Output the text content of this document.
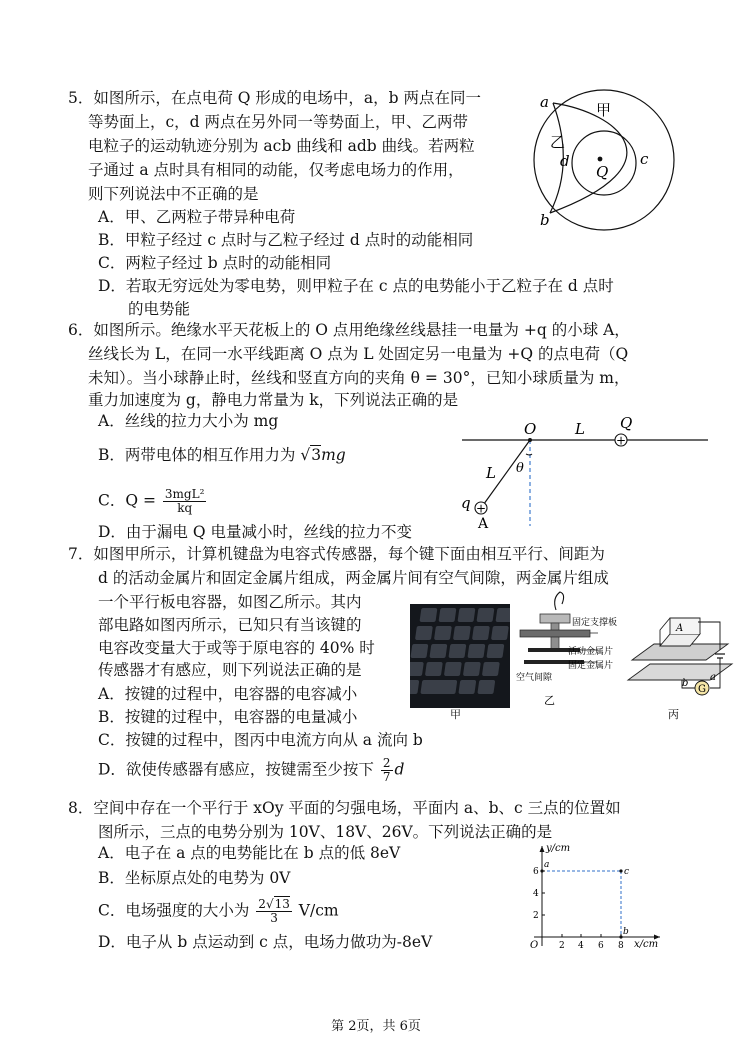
5．如图所示，在点电荷 Q 形成的电场中，a，b 两点在同一
等势面上，c，d 两点在另外同一等势面上，甲、乙两带
电粒子的运动轨迹分别为 acb 曲线和 adb 曲线。若两粒
子通过 a 点时具有相同的动能，仅考虑电场力的作用，
则下列说法中不正确的是
A．甲、乙两粒子带异种电荷
B．甲粒子经过 c 点时与乙粒子经过 d 点时的动能相同
C．两粒子经过 b 点时的动能相同
D．若取无穷远处为零电势，则甲粒子在 c 点的电势能小于乙粒子在 d 点时
的电势能
a	甲
乙
d
Q
c
b
6．如图所示。绝缘水平天花板上的 O 点用绝缘丝线悬挂一电量为 +q 的小球 A，
丝线长为 L，在同一水平线距离 O 点为 L 处固定另一电量为 +Q 的点电荷（Q
未知）。当小球静止时，丝线和竖直方向的夹角 θ = 30°，已知小球质量为 m，
重力加速度为 g，静电力常量为 k，下列说法正确的是
A．丝线的拉力大小为 mg
B．两带电体的相互作用力为 √3mg
C．$Q = \frac{\text{3mgL²}}{kq}$
D．由于漏电 Q 电量减小时，丝线的拉力不变
+
+
O	L Q
L θ
q
A
7．如图甲所示，计算机键盘为电容式传感器，每个键下面由相互平行、间距为
d 的活动金属片和固定金属片组成，两金属片间有空气间隙，两金属片组成
一个平行板电容器，如图乙所示。其内
部电路如图丙所示，已知只有当该键的
电容改变量大于或等于原电容的 40% 时
传感器才有感应，则下列说法正确的是
A．按键的过程中，电容器的电容减小
B．按键的过程中，电容器的电量减小
C．按键的过程中，图丙中电流方向从 a 流向 b
D．欲使传感器有感应，按键需至少按下 $\frac{2}{7}$ d
固定支撑板
活动金属片
空气间隙
固定金属片
乙
A
G
b
a
丙
甲
8．空间中存在一个平行于 xOy 平面的匀强电场，平面内 a、b、c 三点的位置如
图所示，三点的电势分别为 10V、18V、26V。下列说法正确的是
A．电子在 a 点的电势能比在 b 点的低 8eV
B．坐标原点处的电势为 0V
C．电场强度的大小为 $\frac{2√13}{3} V/cm$
D．电子从 b 点运动到 c 点，电场力做功为-8eV
y/cm
x/cm
O
2
4
6
2 4 6 8
a
b
c
第 2页，共 6页
